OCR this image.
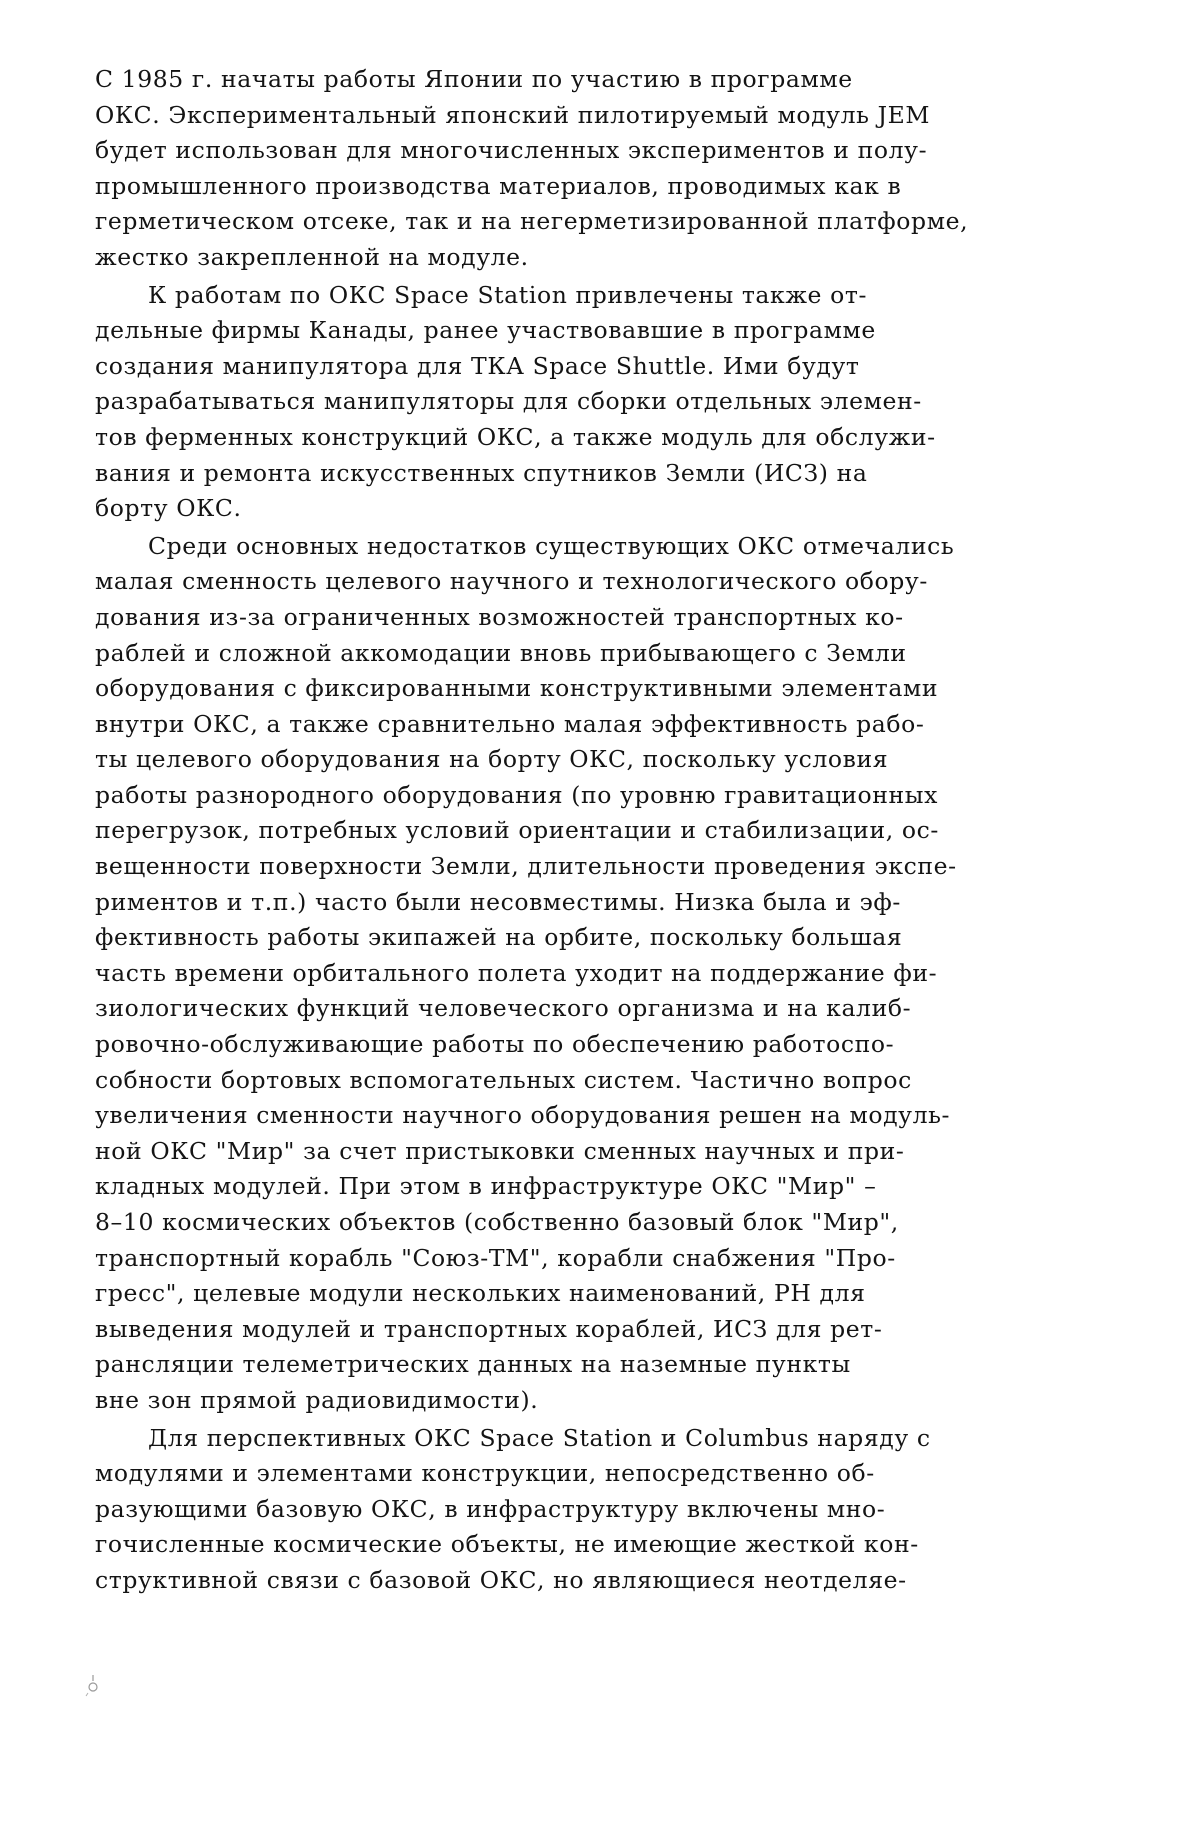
С 1985 г. начаты работы Японии по участию в программе
ОКС. Экспериментальный японский пилотируемый модуль JEM
будет использован для многочисленных экспериментов и полу-
промышленного производства материалов, проводимых как в
герметическом отсеке, так и на негерметизированной платформе,
жестко закрепленной на модуле.
К работам по ОКС Space Station привлечены также от-
дельные фирмы Канады, ранее участвовавшие в программе
создания манипулятора для ТКА Space Shuttle. Ими будут
разрабатываться манипуляторы для сборки отдельных элемен-
тов ферменных конструкций ОКС, а также модуль для обслужи-
вания и ремонта искусственных спутников Земли (ИСЗ) на
борту ОКС.
Среди основных недостатков существующих ОКС отмечались
малая сменность целевого научного и технологического обору-
дования из-за ограниченных возможностей транспортных ко-
раблей и сложной аккомодации вновь прибывающего с Земли
оборудования с фиксированными конструктивными элементами
внутри ОКС, а также сравнительно малая эффективность рабо-
ты целевого оборудования на борту ОКС, поскольку условия
работы разнородного оборудования (по уровню гравитационных
перегрузок, потребных условий ориентации и стабилизации, ос-
вещенности поверхности Земли, длительности проведения экспе-
риментов и т.п.) часто были несовместимы. Низка была и эф-
фективность работы экипажей на орбите, поскольку большая
часть времени орбитального полета уходит на поддержание фи-
зиологических функций человеческого организма и на калиб-
ровочно-обслуживающие работы по обеспечению работоспо-
собности бортовых вспомогательных систем. Частично вопрос
увеличения сменности научного оборудования решен на модуль-
ной ОКС "Мир" за счет пристыковки сменных научных и при-
кладных модулей. При этом в инфраструктуре ОКС "Мир" –
8–10 космических объектов (собственно базовый блок "Мир",
транспортный корабль "Союз-ТМ", корабли снабжения "Про-
гресс", целевые модули нескольких наименований, РН для
выведения модулей и транспортных кораблей, ИСЗ для рет-
рансляции телеметрических данных на наземные пункты
вне зон прямой радиовидимости).
Для перспективных ОКС Space Station и Columbus наряду с
модулями и элементами конструкции, непосредственно об-
разующими базовую ОКС, в инфраструктуру включены мно-
гочисленные космические объекты, не имеющие жесткой кон-
структивной связи с базовой ОКС, но являющиеся неотделяе-
